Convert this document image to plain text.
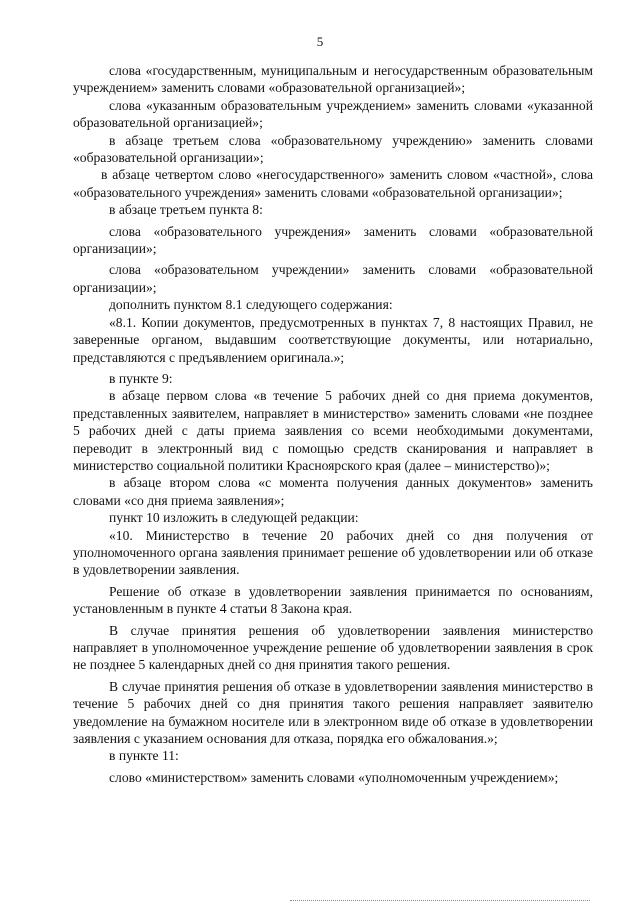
5

слова «государственным, муниципальным и негосударственным образовательным учреждением» заменить словами «образовательной организацией»;

слова «указанным образовательным учреждением» заменить словами «указанной образовательной организацией»;

в абзаце третьем слова «образовательному учреждению» заменить словами «образовательной организации»;

в абзаце четвертом слово «негосударственного» заменить словом «частной», слова «образовательного учреждения» заменить словами «образовательной организации»;

в абзаце третьем пункта 8:

слова «образовательного учреждения» заменить словами «образовательной организации»;

слова «образовательном учреждении» заменить словами «образовательной организации»;

дополнить пунктом 8.1 следующего содержания:

«8.1. Копии документов, предусмотренных в пунктах 7, 8 настоящих Правил, не заверенные органом, выдавшим соответствующие документы, или нотариально, представляются с предъявлением оригинала.»;

в пункте 9:

в абзаце первом слова «в течение 5 рабочих дней со дня приема документов, представленных заявителем, направляет в министерство» заменить словами «не позднее 5 рабочих дней с даты приема заявления со всеми необходимыми документами, переводит в электронный вид с помощью средств сканирования и направляет в министерство социальной политики Красноярского края (далее – министерство)»;

в абзаце втором слова «с момента получения данных документов» заменить словами «со дня приема заявления»;

пункт 10 изложить в следующей редакции:

«10. Министерство в течение 20 рабочих дней со дня получения от уполномоченного органа заявления принимает решение об удовлетворении или об отказе в удовлетворении заявления.

Решение об отказе в удовлетворении заявления принимается по основаниям, установленным в пункте 4 статьи 8 Закона края.

В случае принятия решения об удовлетворении заявления министерство направляет в уполномоченное учреждение решение об удовлетворении заявления в срок не позднее 5 календарных дней со дня принятия такого решения.

В случае принятия решения об отказе в удовлетворении заявления министерство в течение 5 рабочих дней со дня принятия такого решения направляет заявителю уведомление на бумажном носителе или в электронном виде об отказе в удовлетворении заявления с указанием основания для отказа, порядка его обжалования.»;

в пункте 11:

слово «министерством» заменить словами «уполномоченным учреждением»;
